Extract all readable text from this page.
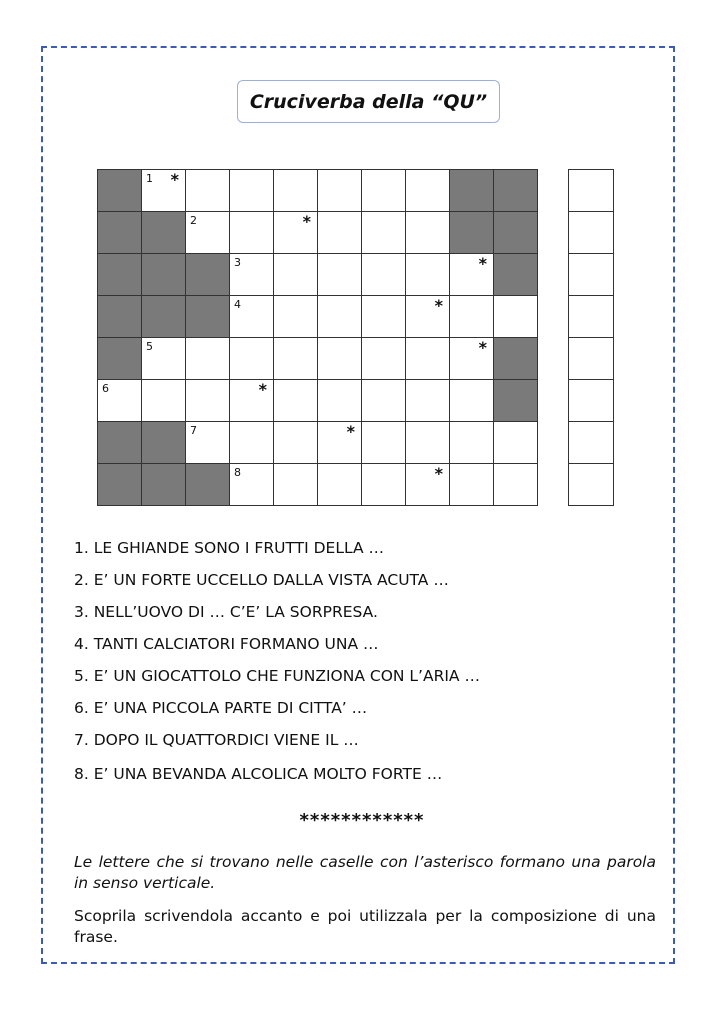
Cruciverba della “QU”

	1 *								

		2		*					

			3					*	

			4				*		

	5							*	

6			*						

		7			*				

			8				*		

1. LE GHIANDE SONO I FRUTTI DELLA …
2. E’ UN FORTE UCCELLO DALLA VISTA ACUTA …
3. NELL’UOVO DI … C’E’ LA SORPRESA.
4. TANTI CALCIATORI FORMANO UNA …
5. E’ UN GIOCATTOLO CHE FUNZIONA CON L’ARIA …
6. E’ UNA PICCOLA PARTE DI CITTA’ …
7. DOPO IL QUATTORDICI VIENE IL …
8. E’ UNA BEVANDA ALCOLICA MOLTO FORTE …
************

Le lettere che si trovano nelle caselle con l’asterisco formano una parola in senso verticale.

Scoprila scrivendola accanto e poi utilizzala per la composizione di una frase.
